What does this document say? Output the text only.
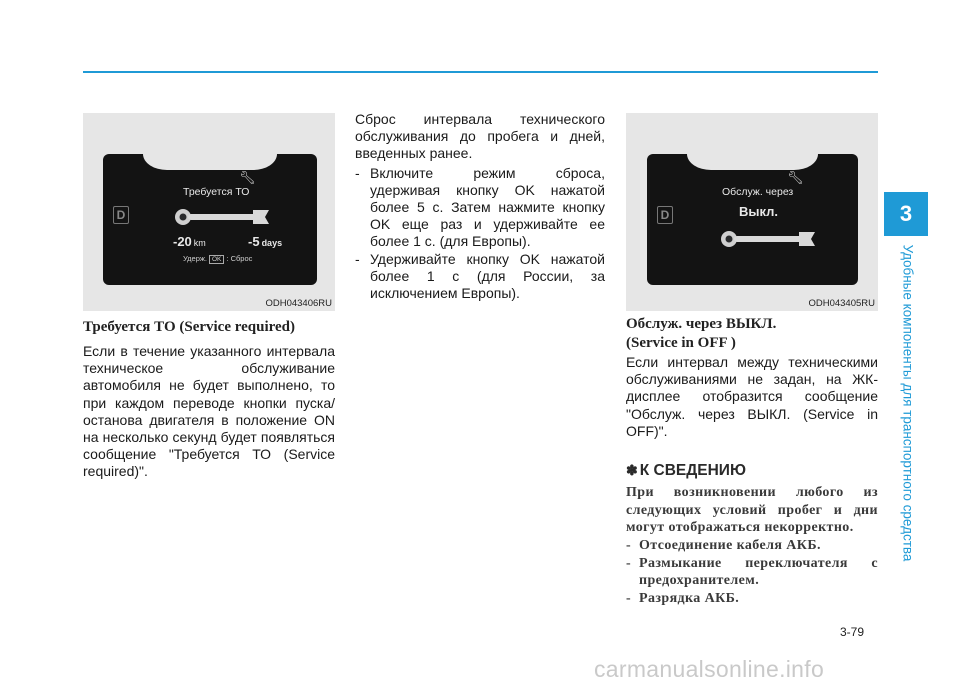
D
🔧︎
Требуется ТО
-20 km	-5 days
Удерж. OK : Сброс
ODH043406RU
D
🔧︎
Обслуж. через
Выкл.
ODH043405RU
Требуется ТО (Service required)

Если в течение указанного интервала техническое обслуживание автомобиля не будет выполнено, то при каждом переводе кнопки пуска/останова двигателя в положение ON на несколько секунд будет появляться сообщение "Требуется ТО (Service required)".

Сброс интервала технического обслуживания до пробега и дней, введенных ранее.

- Включите режим сброса, удерживая кнопку OK нажатой более 5 с. Затем нажмите кнопку OK еще раз и удерживайте ее более 1 с. (для Европы).
- Удерживайте кнопку OK нажатой более 1 с (для России, за исключением Европы).
Обслуж. через ВЫКЛ.
(Service in OFF )

Если интервал между техническими обслуживаниями не задан, на ЖК-дисплее отобразится сообщение "Обслуж. через ВЫКЛ. (Service in OFF)".

✽ К СВЕДЕНИЮ

При возникновении любого из следующих условий пробег и дни могут отображаться некорректно.

- Отсоединение кабеля АКБ.
- Размыкание переключателя с предохранителем.
- Разрядка АКБ.
3
Удобные компоненты для транспортного средства
3-79
carmanualsonline.info
